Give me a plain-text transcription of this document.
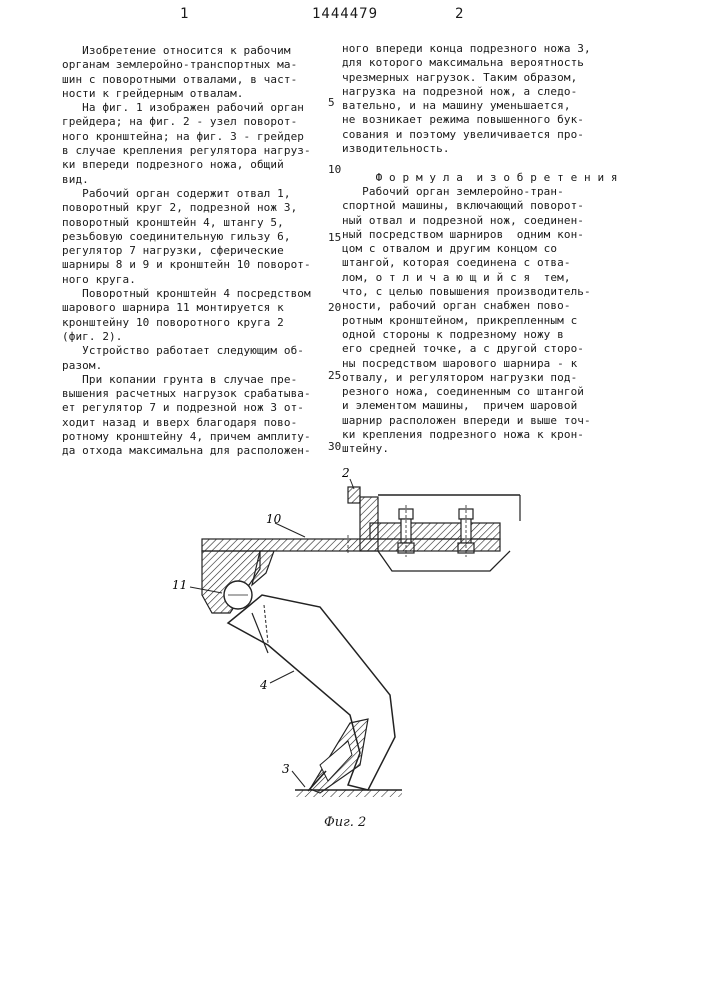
1	1444479	2
Изобретение относится к рабочим
органам землеройно-транспортных ма-
шин с поворотными отвалами, в част-
ности к грейдерным отвалам.
На фиг. 1 изображен рабочий орган
грейдера; на фиг. 2 - узел поворот-
ного кронштейна; на фиг. 3 - грейдер
в случае крепления регулятора нагруз-
ки впереди подрезного ножа, общий
вид.
Рабочий орган содержит отвал 1,
поворотный круг 2, подрезной нож 3,
поворотный кронштейн 4, штангу 5,
резьбовую соединительную гильзу 6,
регулятор 7 нагрузки, сферические
шарниры 8 и 9 и кронштейн 10 поворот-
ного круга.
Поворотный кронштейн 4 посредством
шарового шарнира 11 монтируется к
кронштейну 10 поворотного круга 2
(фиг. 2).
Устройство работает следующим об-
разом.
При копании грунта в случае пре-
вышения расчетных нагрузок срабатыва-
ет регулятор 7 и подрезной нож 3 от-
ходит назад и вверх благодаря пово-
ротному кронштейну 4, причем амплиту-
да отхода максимальна для расположен-
ного впереди конца подрезного ножа 3,
для которого максимальна вероятность
чрезмерных нагрузок. Таким образом,
нагрузка на подрезной нож, а следо-
вательно, и на машину уменьшается,
не возникает режима повышенного бук-
сования и поэтому увеличивается про-
изводительность.
Ф о р м у л а  и з о б р е т е н и я
Рабочий орган землеройно-тран-
спортной машины, включающий поворот-
ный отвал и подрезной нож, соединен-
ный посредством шарниров  одним кон-
цом с отвалом и другим концом со
штангой, которая соединена с отва-
лом, о т л и ч а ю щ и й с я  тем,
что, с целью повышения производитель-
ности, рабочий орган снабжен пово-
ротным кронштейном, прикрепленным с
одной стороны к подрезному ножу в
его средней точке, а с другой сторо-
ны посредством шарового шарнира - к
отвалу, и регулятором нагрузки под-
резного ножа, соединенным со штангой
и элементом машины,  причем шаровой
шарнир расположен впереди и выше точ-
ки крепления подрезного ножа к крон-
штейну.
5
10
15
20
25
30
2
10
11
4
3
Фиг. 2
